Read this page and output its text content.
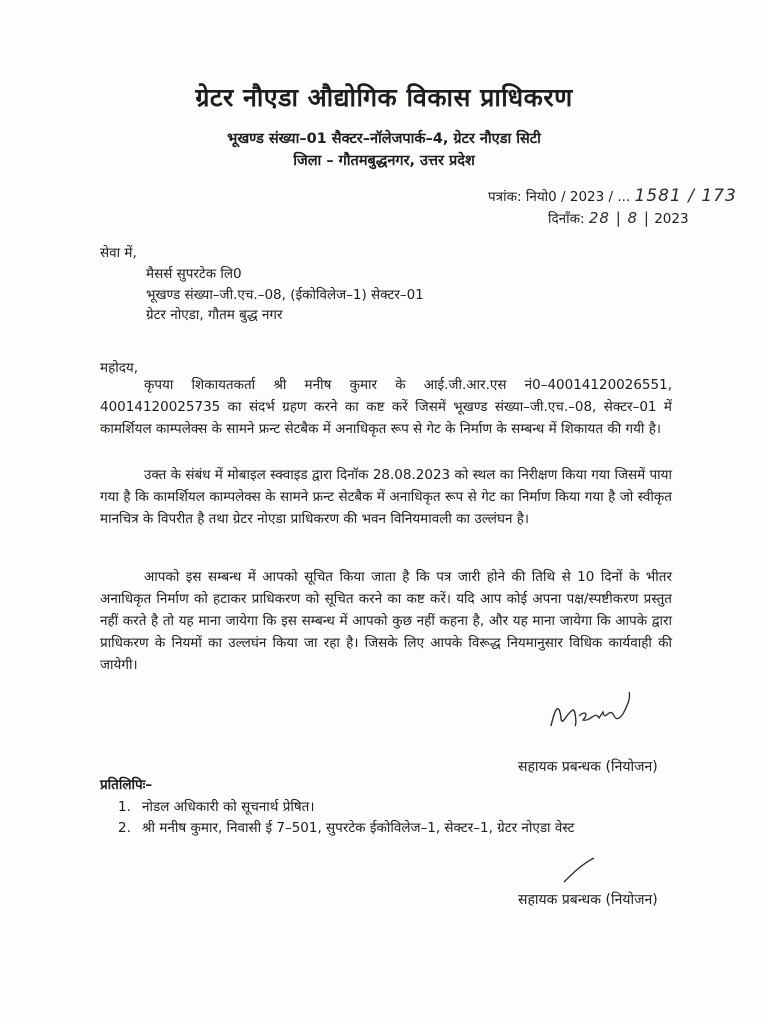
ग्रेटर नौएडा औद्योगिक विकास प्राधिकरण
भूखण्ड संख्या–01 सैक्टर–नॉलेजपार्क–4, ग्रेटर नौएडा सिटी
जिला – गौतमबुद्धनगर, उत्तर प्रदेश
पत्रांक: नियो0 / 2023 / ... 1581 / 173
दिनाँक: 28 | 8 | 2023
सेवा में,
मैसर्स सुपरटेक लि0
भूखण्ड संख्या–जी.एच.–08, (ईकोविलेज–1) सेक्टर–01
ग्रेटर नोएडा, गौतम बुद्ध नगर
महोदय,
कृपया शिकायतकर्ता श्री मनीष कुमार के आई.जी.आर.एस नं0–40014120026551, 40014120025735 का संदर्भ ग्रहण करने का कष्ट करें जिसमें भूखण्ड संख्या–जी.एच.–08, सेक्टर–01 में कामर्शियल काम्पलेक्स के सामने फ्रन्ट सेटबैक में अनाधिकृत रूप से गेट के निर्माण के सम्बन्ध में शिकायत की गयी है।
उक्त के संबंध में मोबाइल स्क्वाइड द्वारा दिनॉक 28.08.2023 को स्थल का निरीक्षण किया गया जिसमें पाया गया है कि कामर्शियल काम्पलेक्स के सामने फ्रन्ट सेटबैक में अनाधिकृत रूप से गेट का निर्माण किया गया है जो स्वीकृत मानचित्र के विपरीत है तथा ग्रेटर नोएडा प्राधिकरण की भवन विनियमावली का उल्लंघन है।
आपको इस सम्बन्ध में आपको सूचित किया जाता है कि पत्र जारी होने की तिथि से 10 दिनों के भीतर अनाधिकृत निर्माण को हटाकर प्राधिकरण को सूचित करने का कष्ट करें। यदि आप कोई अपना पक्ष/स्पष्टीकरण प्रस्तुत नहीं करते है तो यह माना जायेगा कि इस सम्बन्ध में आपको कुछ नहीं कहना है, और यह माना जायेगा कि आपके द्वारा प्राधिकरण के नियमों का उल्लघंन किया जा रहा है। जिसके लिए आपके विरूद्ध नियमानुसार विधिक कार्यवाही की जायेगी।
सहायक प्रबन्धक (नियोजन)
प्रतिलिपिः–
1. नोडल अधिकारी को सूचनार्थ प्रेषित।
2. श्री मनीष कुमार, निवासी ई 7–501, सुपरटेक ईकोविलेज–1, सेक्टर–1, ग्रेटर नोएडा वेस्ट
सहायक प्रबन्धक (नियोजन)
